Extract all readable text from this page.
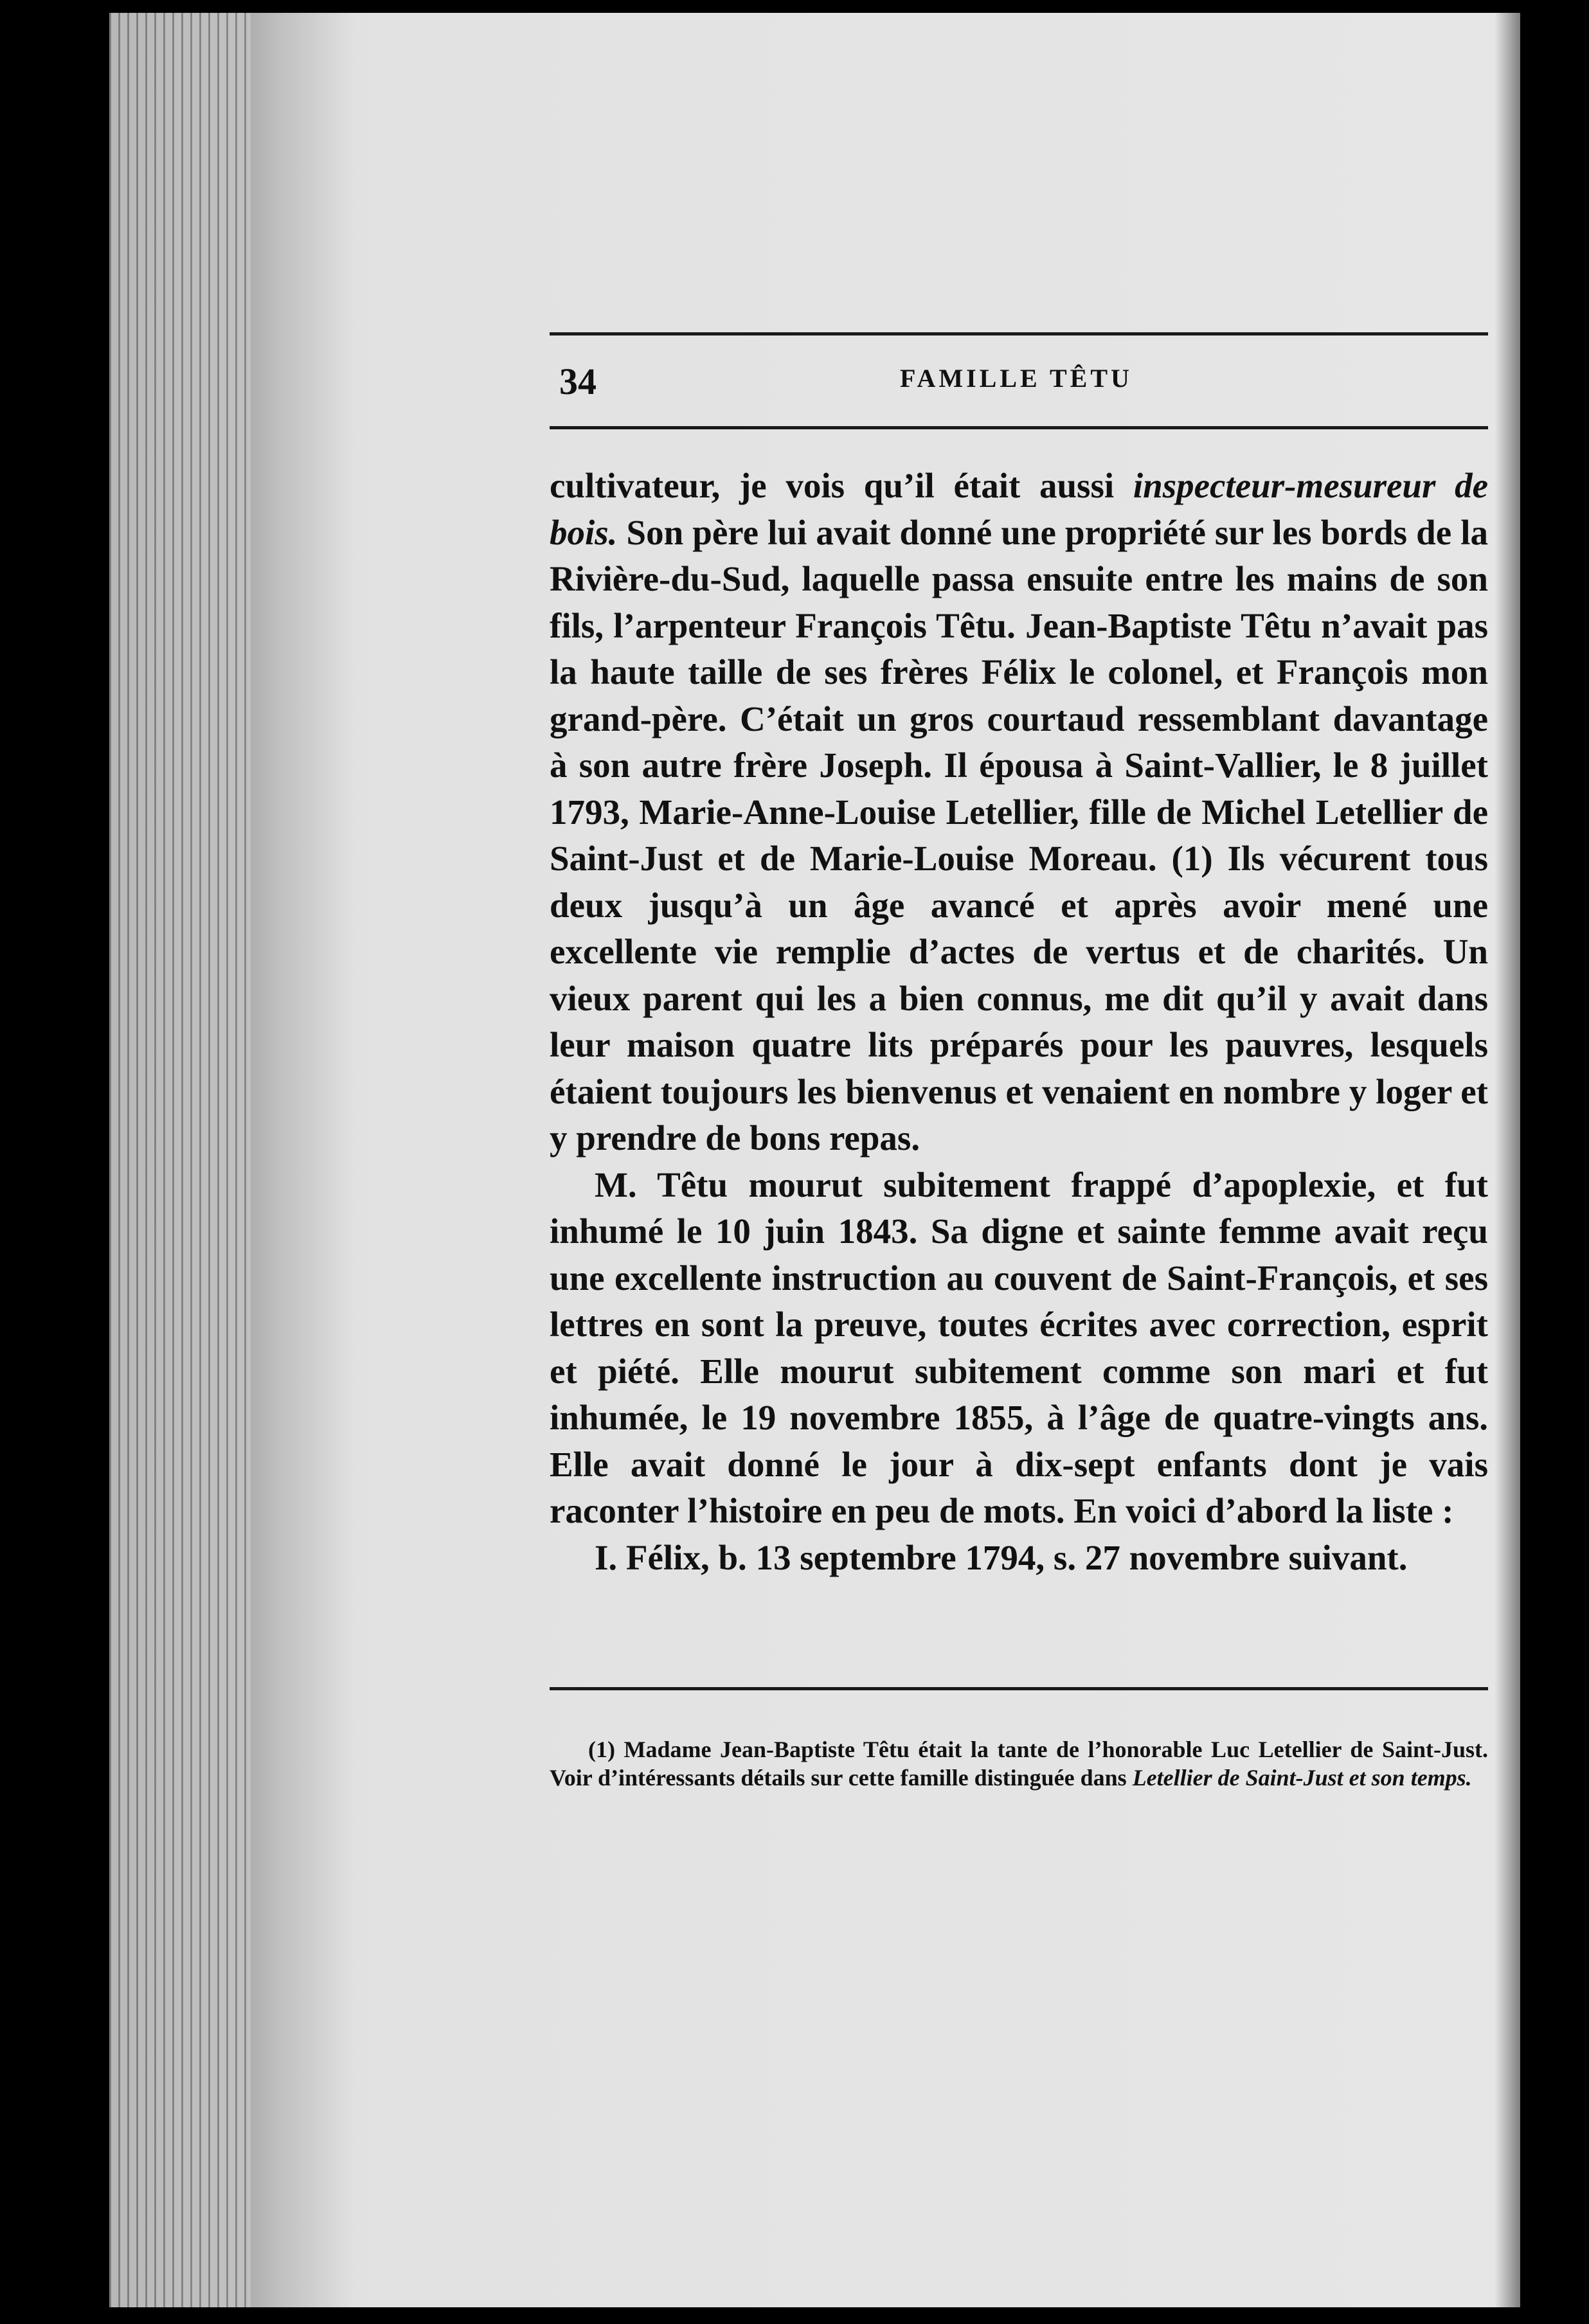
34	FAMILLE TÊTU

cultivateur, je vois qu’il était aussi inspecteur-mesureur de bois. Son père lui avait donné une propriété sur les bords de la Rivière-du-Sud, laquelle passa ensuite entre les mains de son fils, l’arpenteur François Têtu. Jean-Baptiste Têtu n’avait pas la haute taille de ses frères Félix le colonel, et François mon grand-père. C’était un gros courtaud ressemblant davantage à son autre frère Joseph. Il épousa à Saint-Vallier, le 8 juillet 1793, Marie-Anne-Louise Letellier, fille de Michel Letellier de Saint-Just et de Marie-Louise Moreau. (1) Ils vécurent tous deux jusqu’à un âge avancé et après avoir mené une excellente vie remplie d’actes de vertus et de charités. Un vieux parent qui les a bien connus, me dit qu’il y avait dans leur maison quatre lits préparés pour les pauvres, lesquels étaient toujours les bienvenus et venaient en nombre y loger et y prendre de bons repas.

M. Têtu mourut subitement frappé d’apoplexie, et fut inhumé le 10 juin 1843. Sa digne et sainte femme avait reçu une excellente instruction au couvent de Saint-François, et ses lettres en sont la preuve, toutes écrites avec correction, esprit et piété. Elle mourut subitement comme son mari et fut inhumée, le 19 novembre 1855, à l’âge de quatre-vingts ans. Elle avait donné le jour à dix-sept enfants dont je vais raconter l’histoire en peu de mots. En voici d’abord la liste :

I. Félix, b. 13 septembre 1794, s. 27 novembre suivant.

(1) Madame Jean-Baptiste Têtu était la tante de l’honorable Luc Letellier de Saint-Just. Voir d’intéressants détails sur cette famille distinguée dans Letellier de Saint-Just et son temps.
